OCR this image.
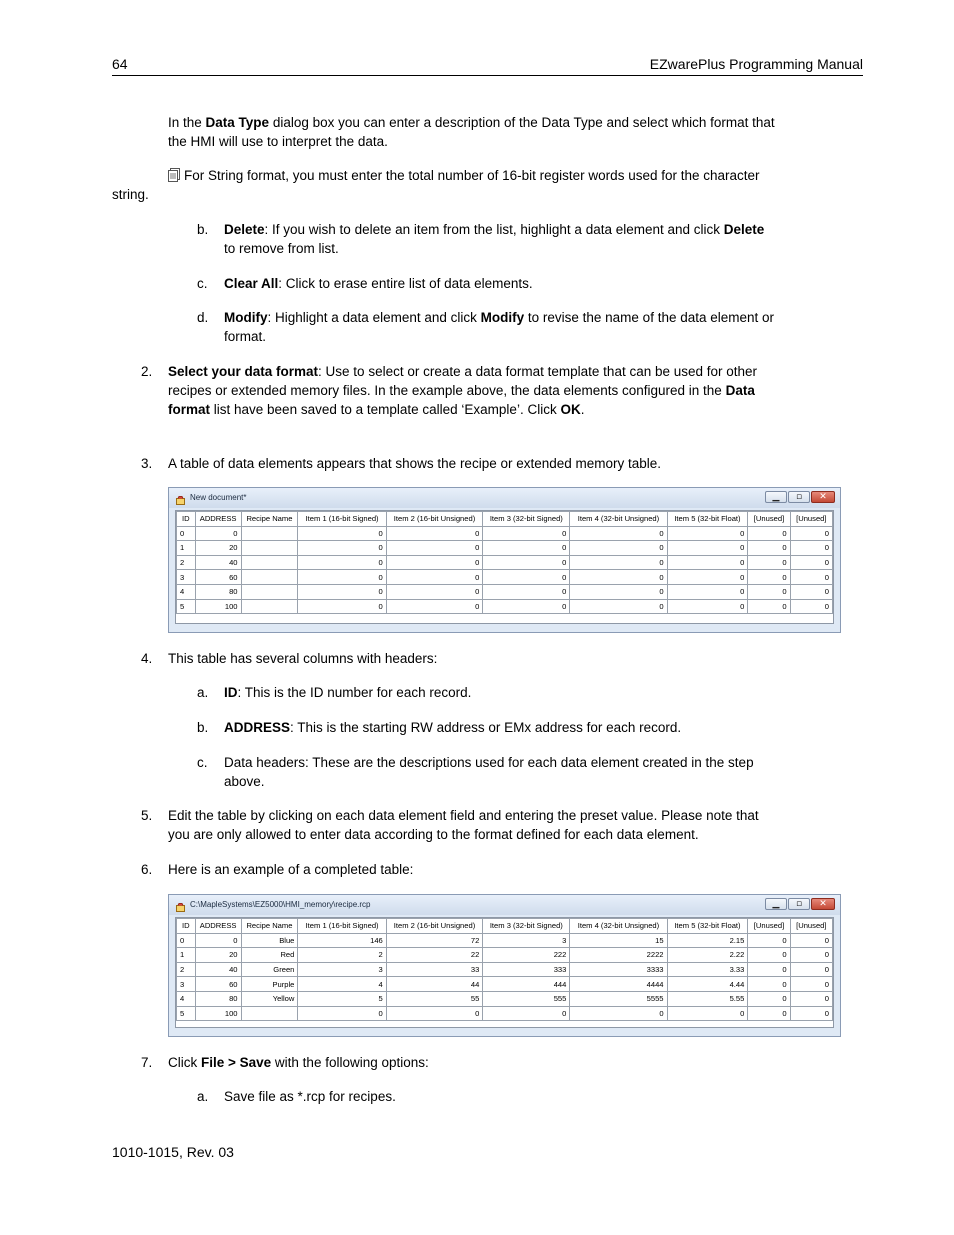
64	EZwarePlus Programming Manual

In the Data Type dialog box you can enter a description of the Data Type and select which format that
the HMI will use to interpret the data.

For String format, you must enter the total number of 16-bit register words used for the character

string.

b. Delete: If you wish to delete an item from the list, highlight a data element and click Delete
to remove from list.

c. Clear All: Click to erase entire list of data elements.

d. Modify: Highlight a data element and click Modify to revise the name of the data element or
format.

2. Select your data format: Use to select or create a data format template that can be used for other
recipes or extended memory files. In the example above, the data elements configured in the Data
format list have been saved to a template called ‘Example’. Click OK.

3. A table of data elements appears that shows the recipe or extended memory table.

New document*	▁	▫	✕
ID	ADDRESS	Recipe Name	Item 1 (16-bit Signed)	Item 2 (16-bit Unsigned)	Item 3 (32-bit Signed)	Item 4 (32-bit Unsigned)	Item 5 (32-bit Float)	[Unused]	[Unused]
0	0		0	0	0	0	0	0	0
1	20		0	0	0	0	0	0	0
2	40		0	0	0	0	0	0	0
3	60		0	0	0	0	0	0	0
4	80		0	0	0	0	0	0	0
5	100		0	0	0	0	0	0	0
4. This table has several columns with headers:

a. ID: This is the ID number for each record.

b. ADDRESS: This is the starting RW address or EMx address for each record.

c. Data headers: These are the descriptions used for each data element created in the step
above.

5. Edit the table by clicking on each data element field and entering the preset value. Please note that
you are only allowed to enter data according to the format defined for each data element.

6. Here is an example of a completed table:

C:\MapleSystems\EZ5000\HMI_memory\recipe.rcp	▁	▫	✕
ID	ADDRESS	Recipe Name	Item 1 (16-bit Signed)	Item 2 (16-bit Unsigned)	Item 3 (32-bit Signed)	Item 4 (32-bit Unsigned)	Item 5 (32-bit Float)	[Unused]	[Unused]
0	0	Blue	146	72	3	15	2.15	0	0
1	20	Red	2	22	222	2222	2.22	0	0
2	40	Green	3	33	333	3333	3.33	0	0
3	60	Purple	4	44	444	4444	4.44	0	0
4	80	Yellow	5	55	555	5555	5.55	0	0
5	100		0	0	0	0	0	0	0
7. Click File > Save with the following options:

a. Save file as *.rcp for recipes.

1010-1015, Rev. 03
